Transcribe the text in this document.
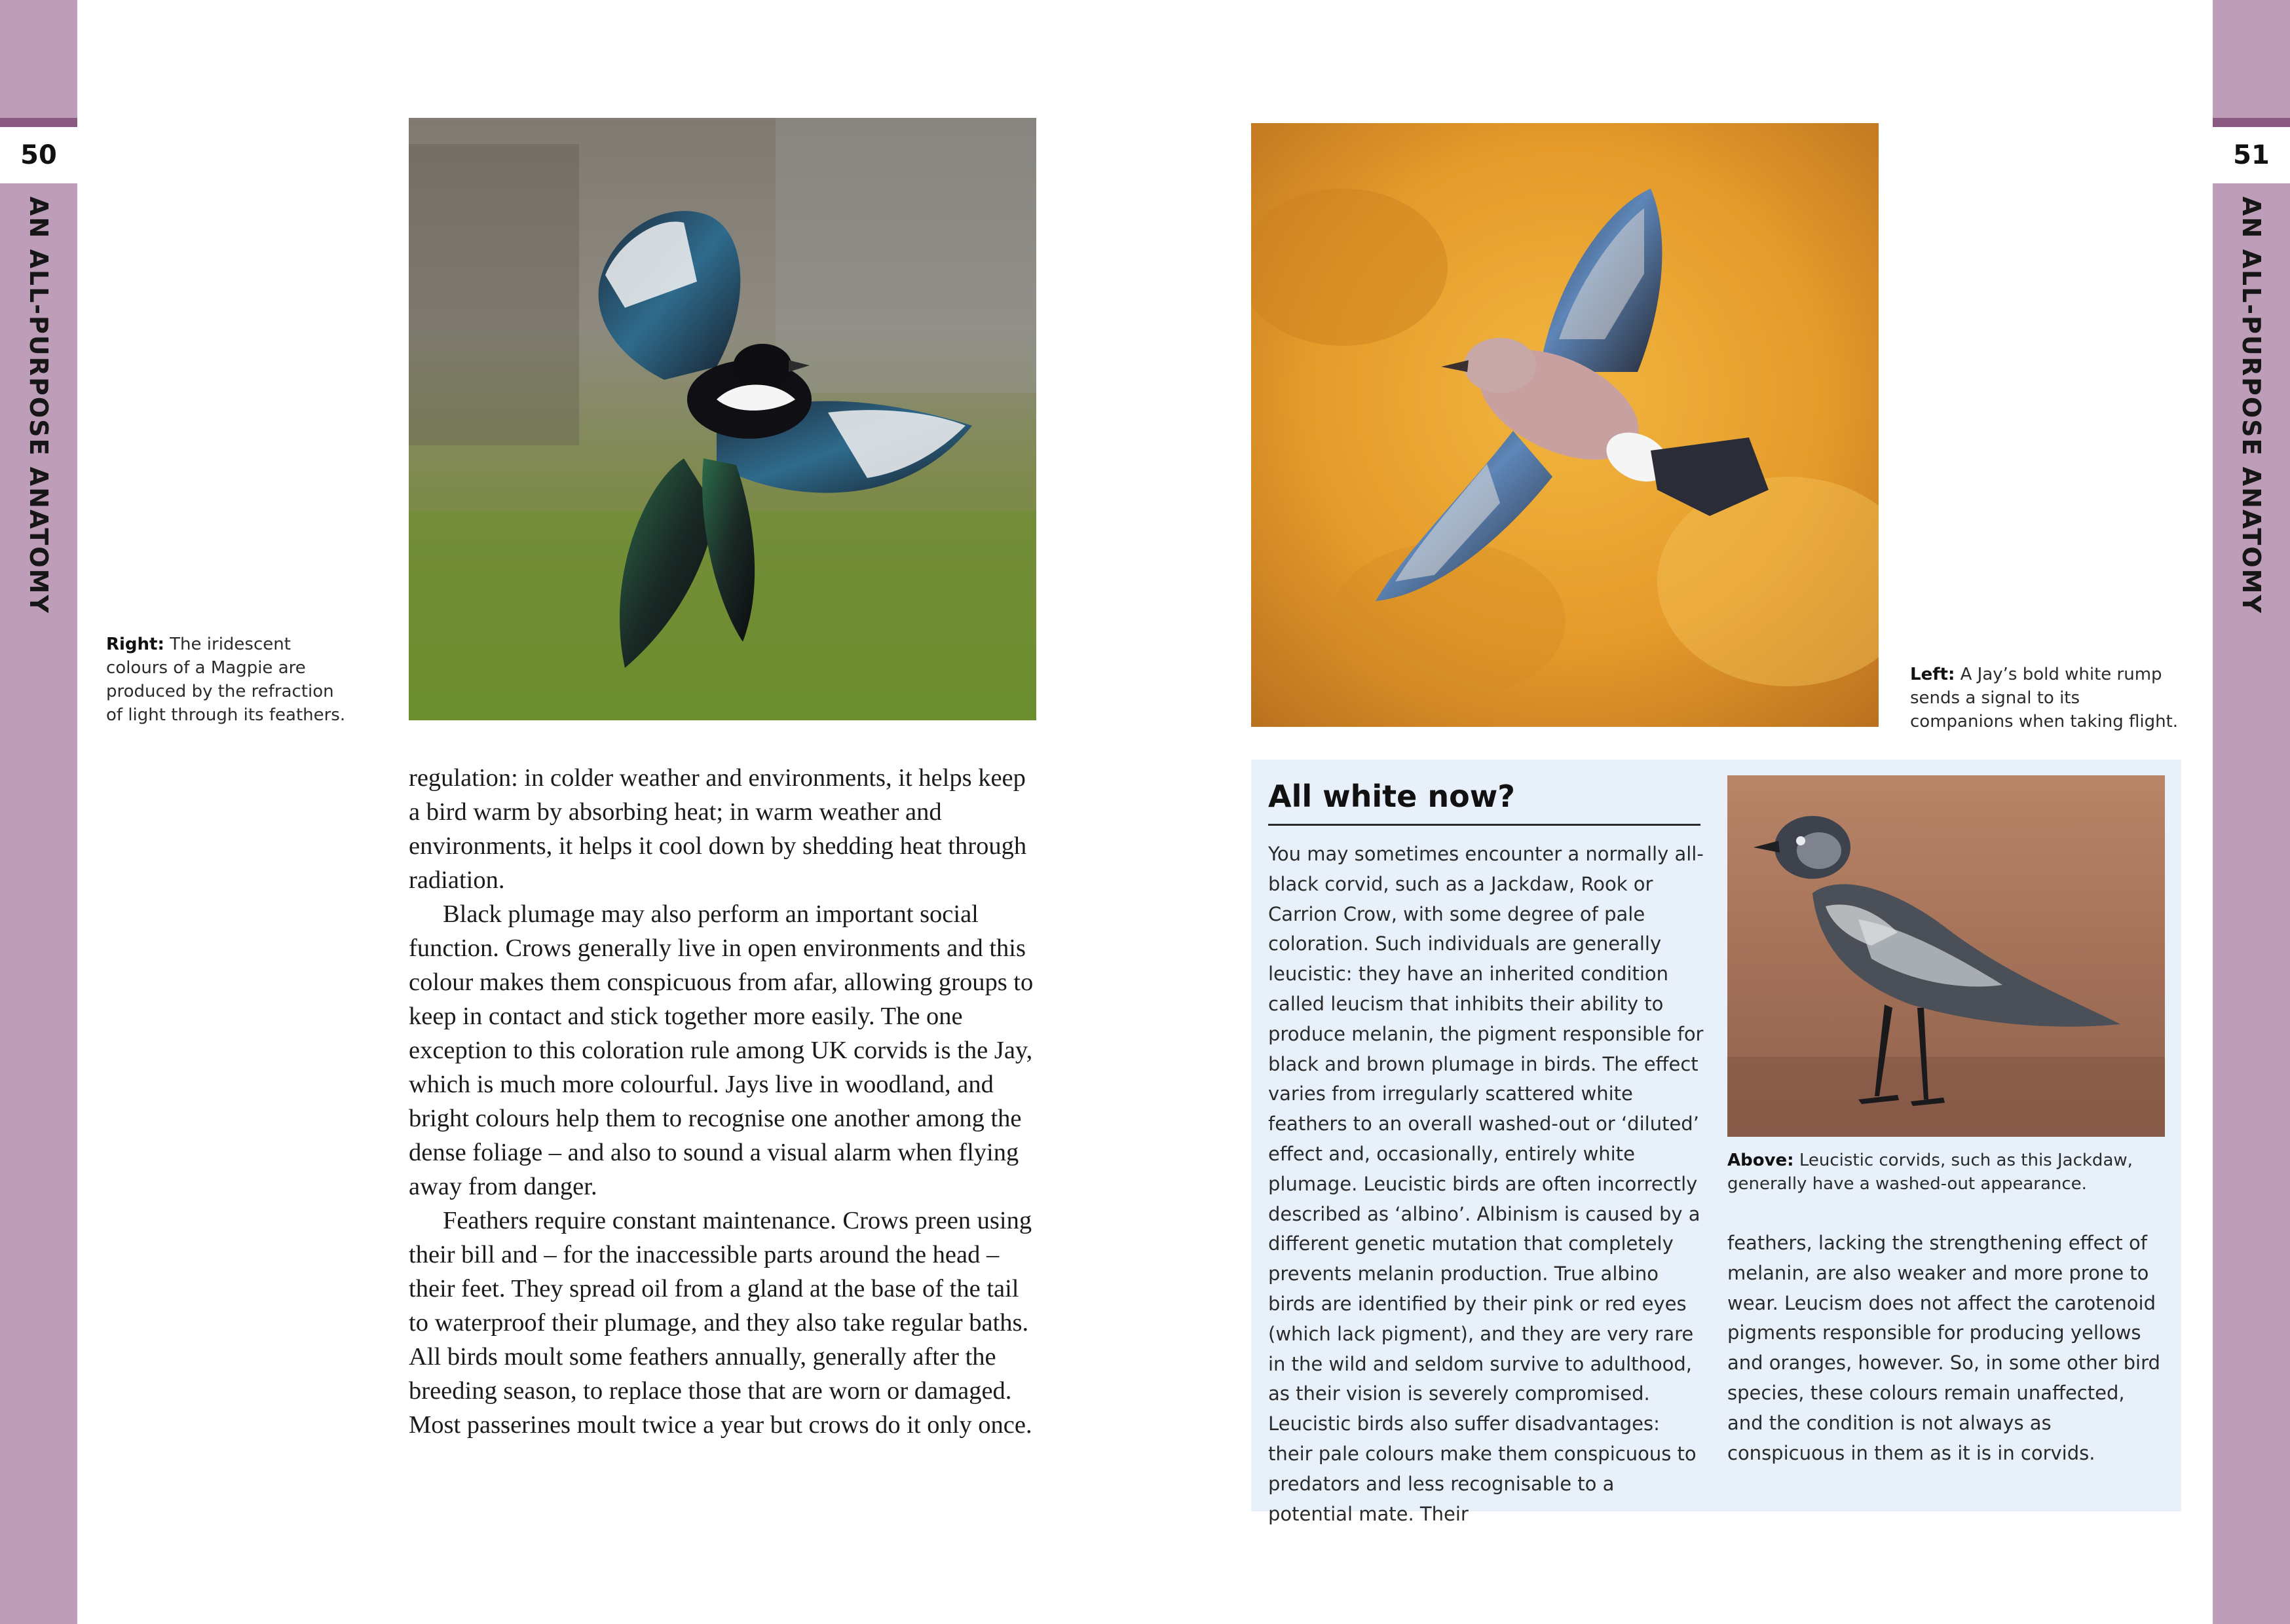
50
AN ALL-PURPOSE ANATOMY
51
AN ALL-PURPOSE ANATOMY
Right: The iridescent colours of a Magpie are produced by the refraction of light through its feathers.

regulation: in colder weather and environments, it helps keep a bird warm by absorbing heat; in warm weather and environments, it helps it cool down by shedding heat through radiation.

Black plumage may also perform an important social function. Crows generally live in open environments and this colour makes them conspicuous from afar, allowing groups to keep in contact and stick together more easily. The one exception to this coloration rule among UK corvids is the Jay, which is much more colourful. Jays live in woodland, and bright colours help them to recognise one another among the dense foliage – and also to sound a visual alarm when flying away from danger.

Feathers require constant maintenance. Crows preen using their bill and – for the inaccessible parts around the head – their feet. They spread oil from a gland at the base of the tail to waterproof their plumage, and they also take regular baths. All birds moult some feathers annually, generally after the breeding season, to replace those that are worn or damaged. Most passerines moult twice a year but crows do it only once.

Left: A Jay’s bold white rump sends a signal to its companions when taking flight.
All white now?

You may sometimes encounter a normally all-black corvid, such as a Jackdaw, Rook or Carrion Crow, with some degree of pale coloration. Such individuals are generally leucistic: they have an inherited condition called leucism that inhibits their ability to produce melanin, the pigment responsible for black and brown plumage in birds. The effect varies from irregularly scattered white feathers to an overall washed-out or ‘diluted’ effect and, occasionally, entirely white plumage. Leucistic birds are often incorrectly described as ‘albino’. Albinism is caused by a different genetic mutation that completely prevents melanin production. True albino birds are identified by their pink or red eyes (which lack pigment), and they are very rare in the wild and seldom survive to adulthood, as their vision is severely compromised. Leucistic birds also suffer disadvantages: their pale colours make them conspicuous to predators and less recognisable to a potential mate. Their

Above: Leucistic corvids, such as this Jackdaw, generally have a washed-out appearance.

feathers, lacking the strengthening effect of melanin, are also weaker and more prone to wear. Leucism does not affect the carotenoid pigments responsible for producing yellows and oranges, however. So, in some other bird species, these colours remain unaffected, and the condition is not always as conspicuous in them as it is in corvids.
